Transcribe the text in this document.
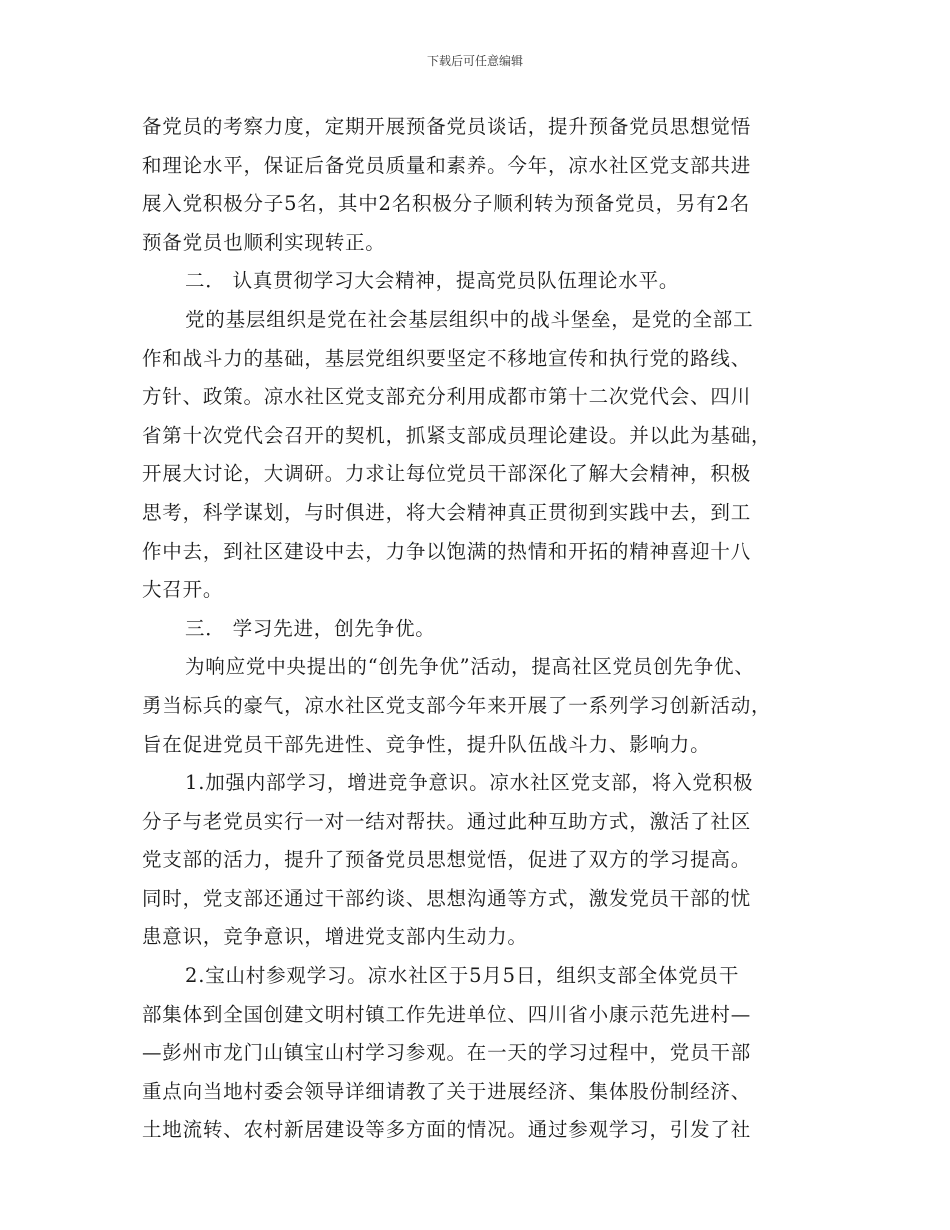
下载后可任意编辑
备党员的考察力度，定期开展预备党员谈话，提升预备党员思想觉悟
和理论水平，保证后备党员质量和素养。今年，凉水社区党支部共进
展入党积极分子5名，其中2名积极分子顺利转为预备党员，另有2名
预备党员也顺利实现转正。
二． 认真贯彻学习大会精神，提高党员队伍理论水平。
党的基层组织是党在社会基层组织中的战斗堡垒，是党的全部工
作和战斗力的基础，基层党组织要坚定不移地宣传和执行党的路线、
方针、政策。凉水社区党支部充分利用成都市第十二次党代会、四川
省第十次党代会召开的契机，抓紧支部成员理论建设。并以此为基础，
开展大讨论，大调研。力求让每位党员干部深化了解大会精神，积极
思考，科学谋划，与时俱进，将大会精神真正贯彻到实践中去，到工
作中去，到社区建设中去，力争以饱满的热情和开拓的精神喜迎十八
大召开。
三． 学习先进，创先争优。
为响应党中央提出的“创先争优”活动，提高社区党员创先争优、
勇当标兵的豪气，凉水社区党支部今年来开展了一系列学习创新活动，
旨在促进党员干部先进性、竞争性，提升队伍战斗力、影响力。
1.加强内部学习，增进竞争意识。凉水社区党支部，将入党积极
分子与老党员实行一对一结对帮扶。通过此种互助方式，激活了社区
党支部的活力，提升了预备党员思想觉悟，促进了双方的学习提高。
同时，党支部还通过干部约谈、思想沟通等方式，激发党员干部的忧
患意识，竞争意识，增进党支部内生动力。
2.宝山村参观学习。凉水社区于5月5日，组织支部全体党员干
部集体到全国创建文明村镇工作先进单位、四川省小康示范先进村—
—彭州市龙门山镇宝山村学习参观。在一天的学习过程中，党员干部
重点向当地村委会领导详细请教了关于进展经济、集体股份制经济、
土地流转、农村新居建设等多方面的情况。通过参观学习，引发了社
